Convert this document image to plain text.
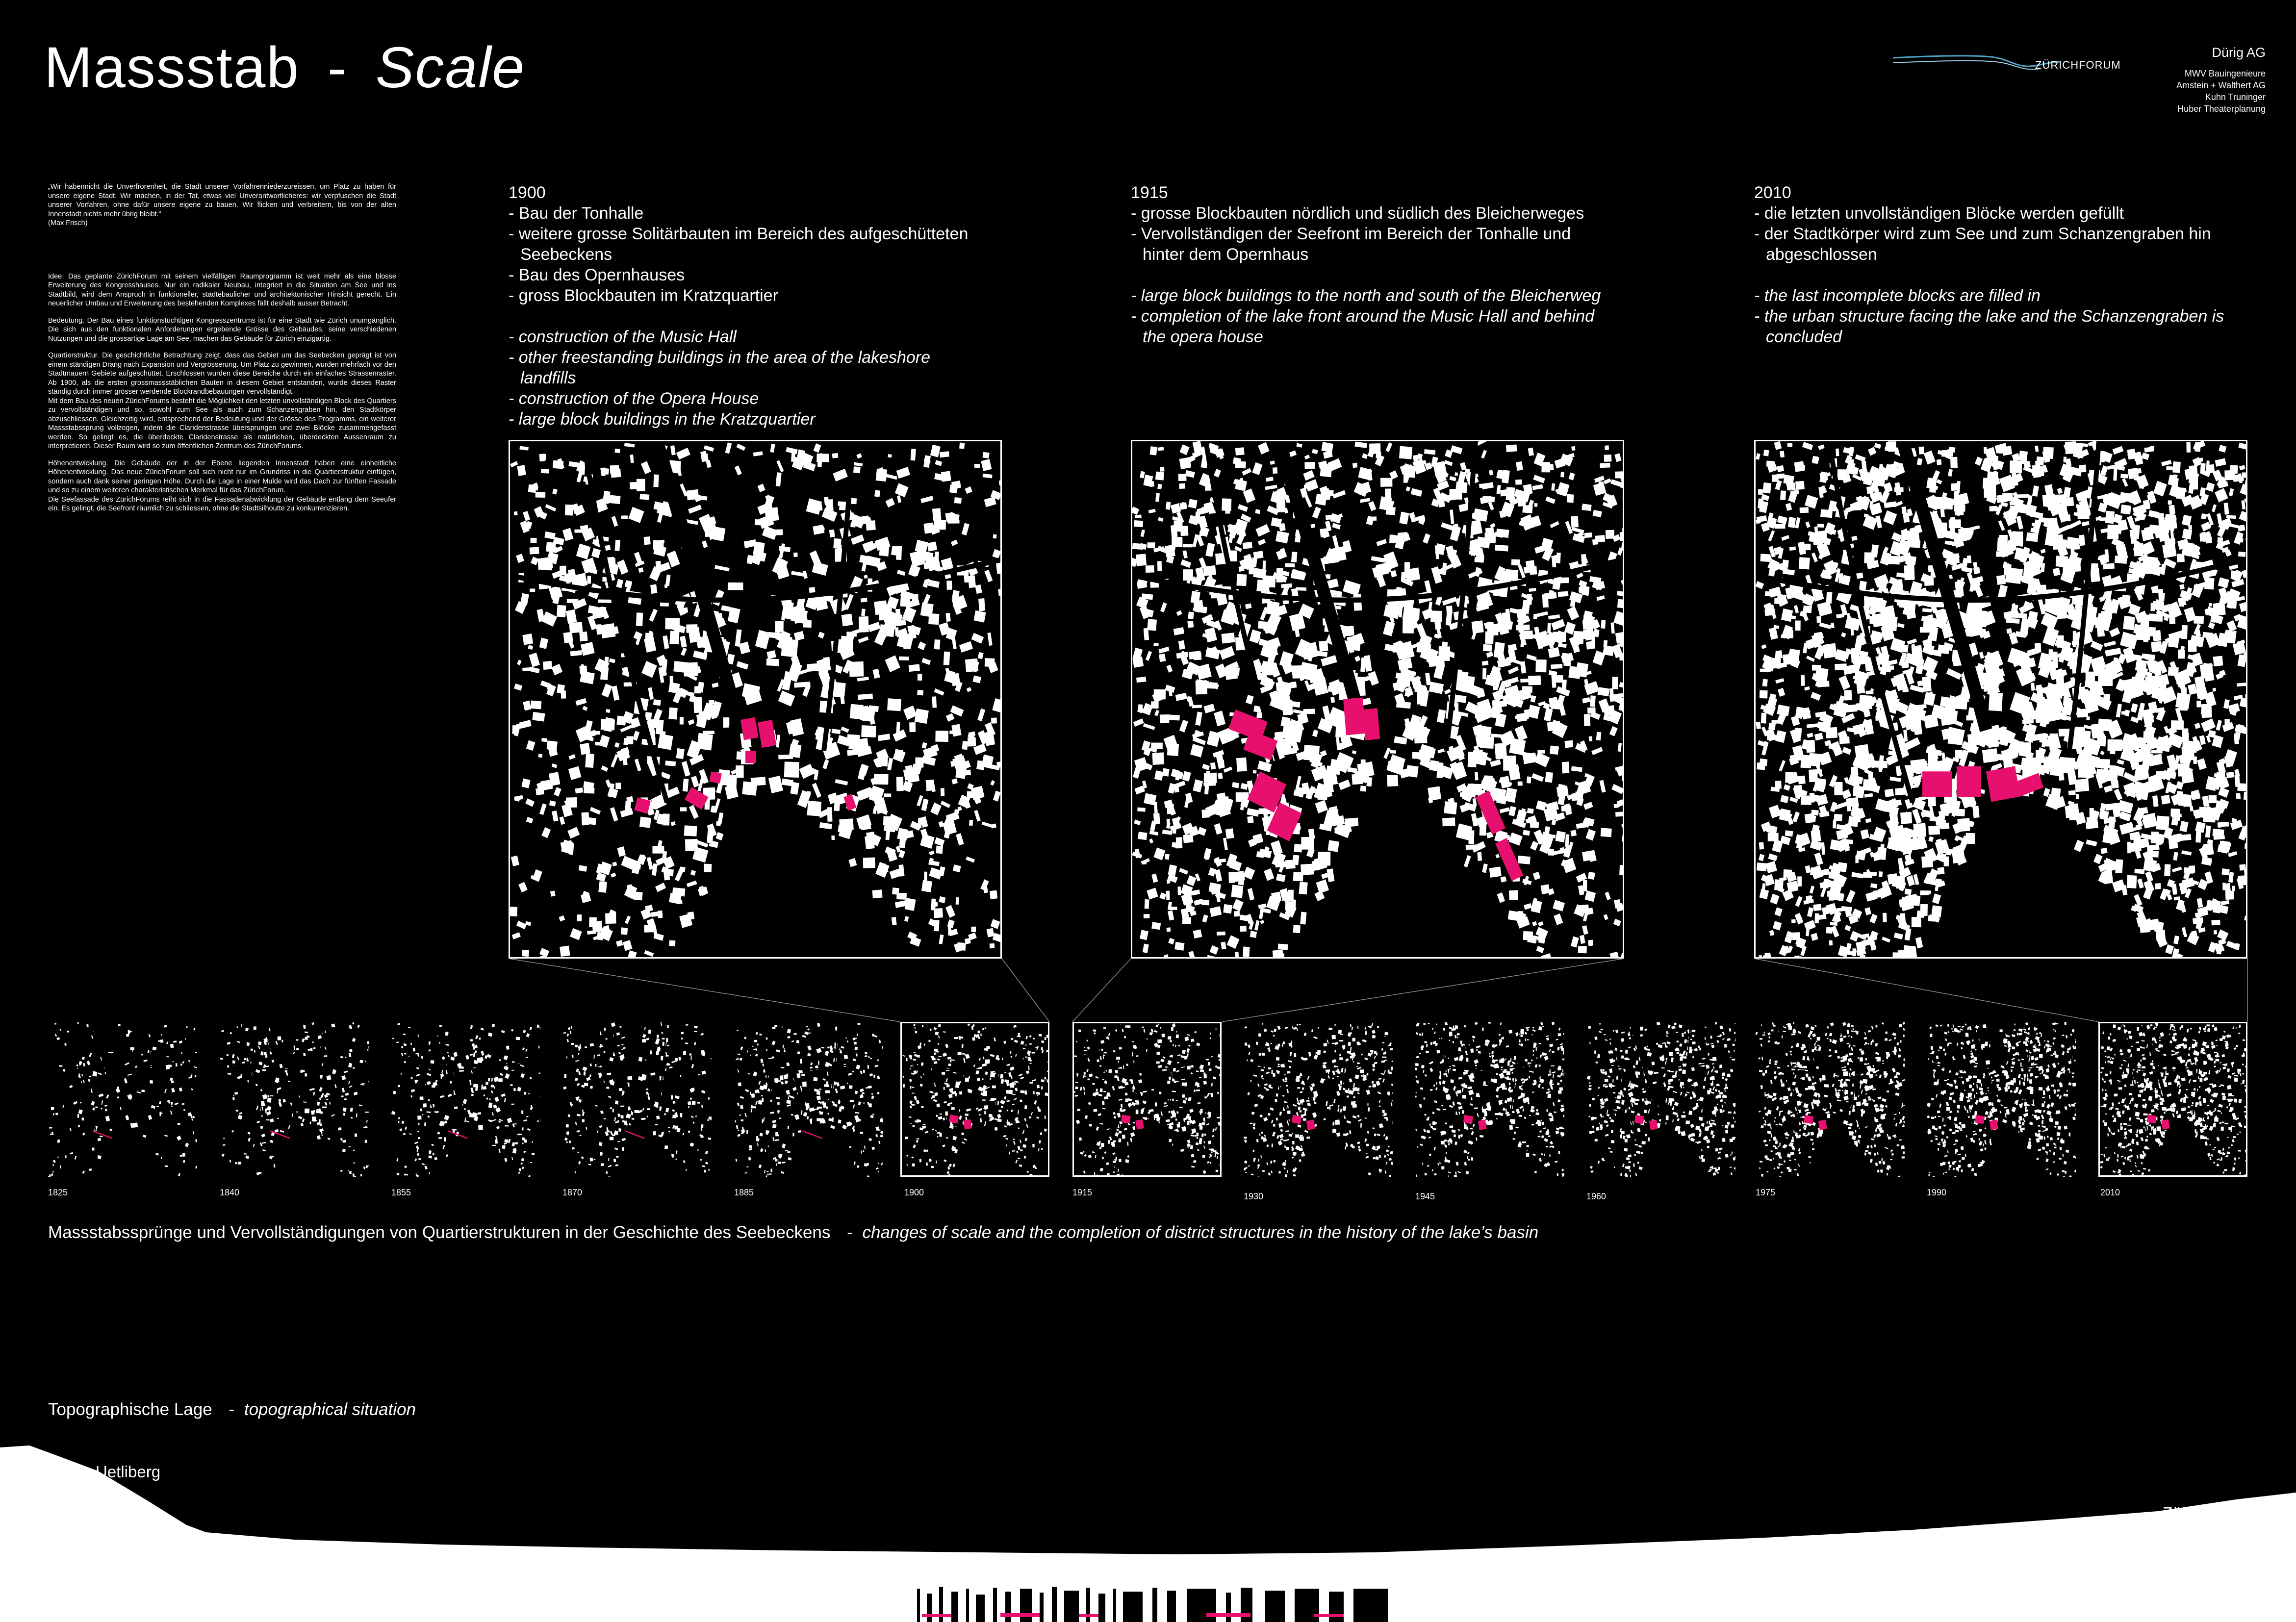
Massstab - Scale	ZÜRICHFORUM
Dürig AG
MWV Bauingenieure
Amstein + Walthert AG
Kuhn Truninger
Huber Theaterplanung

„Wir habennicht die Unverfrorenheit, die Stadt unserer Vorfahrenniederzureissen, um Platz zu haben für unsere eigene Stadt. Wir machen, in der Tat, etwas viel Unverantwortlicheres: wir verpfuschen die Stadt unserer Vorfahren, ohne dafür unsere eigene zu bauen. Wir flicken und verbreitern, bis von der alten Innenstadt nichts mehr übrig bleibt.“

(Max Frisch)

Idee. Das geplante ZürichForum mit seinem vielfältigen Raumprogramm ist weit mehr als eine blosse Erweiterung des Kongresshauses. Nur ein radikaler Neubau, integriert in die Situation am See und ins Stadtbild, wird dem Anspruch in funktioneller, städtebaulicher und architektonischer Hinsicht gerecht. Ein neuerlicher Umbau und Erweiterung des bestehenden Komplexes fällt deshalb ausser Betracht.

Bedeutung. Der Bau eines funktionstüchtigen Kongresszentrums ist für eine Stadt wie Zürich unumgänglich. Die sich aus den funktionalen Anforderungen ergebende Grösse des Gebäudes, seine verschiedenen Nutzungen und die grossartige Lage am See, machen das Gebäude für Zürich einzigartig.

Quartierstruktur. Die geschichtliche Betrachtung zeigt, dass das Gebiet um das Seebecken geprägt ist von einem ständigen Drang nach Expansion und Vergrösserung. Um Platz zu gewinnen, wurden mehrfach vor den Stadtmauern Gebiete aufgeschüttet. Erschlossen wurden diese Bereiche durch ein einfaches Strassenraster. Ab 1900, als die ersten grossmassstäblichen Bauten in diesem Gebiet entstanden, wurde dieses Raster ständig durch immer grösser werdende Blockrandbebauungen vervollständigt.

Mit dem Bau des neuen ZürichForums besteht die Möglichkeit den letzten unvollständigen Block des Quartiers zu vervollständigen und so, sowohl zum See als auch zum Schanzengraben hin, den Stadtkörper abzuschliessen. Gleichzeitig wird, entsprechend der Bedeutung und der Grösse des Programms, ein weiterer Massstabssprung vollzogen, indem die Claridenstrasse übersprungen und zwei Blöcke zusammengefasst werden. So gelingt es, die überdeckte Claridenstrasse als natürlichen, überdeckten Aussenraum zu interpretieren. Dieser Raum wird so zum öffentlichen Zentrum des ZürichForums.

Höhenentwicklung. Die Gebäude der in der Ebene liegenden Innenstadt haben eine einheitliche Höhenentwicklung. Das neue ZürichForum soll sich nicht nur im Grundriss in die Quartierstruktur einfügen, sondern auch dank seiner geringen Höhe. Durch die Lage in einer Mulde wird das Dach zur fünften Fassade und so zu einem weiteren charakteristischen Merkmal für das ZürichForum.

Die Seefassade des ZürichForums reiht sich in die Fassadenabwicklung der Gebäude entlang dem Seeufer ein. Es gelingt, die Seefront räumlich zu schliessen, ohne die Stadtsilhoutte zu konkurrenzieren.

1900
- Bau der Tonhalle
- weitere grosse Solitärbauten im Bereich des aufgeschütteten
Seebeckens
- Bau des Opernhauses
- gross Blockbauten im Kratzquartier
- construction of the Music Hall
- other freestanding buildings in the area of the lakeshore
landfills
- construction of the Opera House
- large block buildings in the Kratzquartier
1915
- grosse Blockbauten nördlich und südlich des Bleicherweges
- Vervollständigen der Seefront im Bereich der Tonhalle und
hinter dem Opernhaus
- large block buildings to the north and south of the Bleicherweg
- completion of the lake front around the Music Hall and behind
the opera house
2010
- die letzten unvollständigen Blöcke werden gefüllt
- der Stadtkörper wird zum See und zum Schanzengraben hin
abgeschlossen
- the last incomplete blocks are filled in
- the urban structure facing the lake and the Schanzengraben is
concluded
1825	1840	1855	1870	1885	1900	1915	1930	1945	1960	1975	1990	2010
Massstabssprünge und Vervollständigungen von Quartierstrukturen in der Geschichte des Seebeckens - changes of scale and the completion of district structures in the history of the lake’s basin
Topographische Lage - topographical situation
Uetliberg
Zürichberg
Innenstadt
